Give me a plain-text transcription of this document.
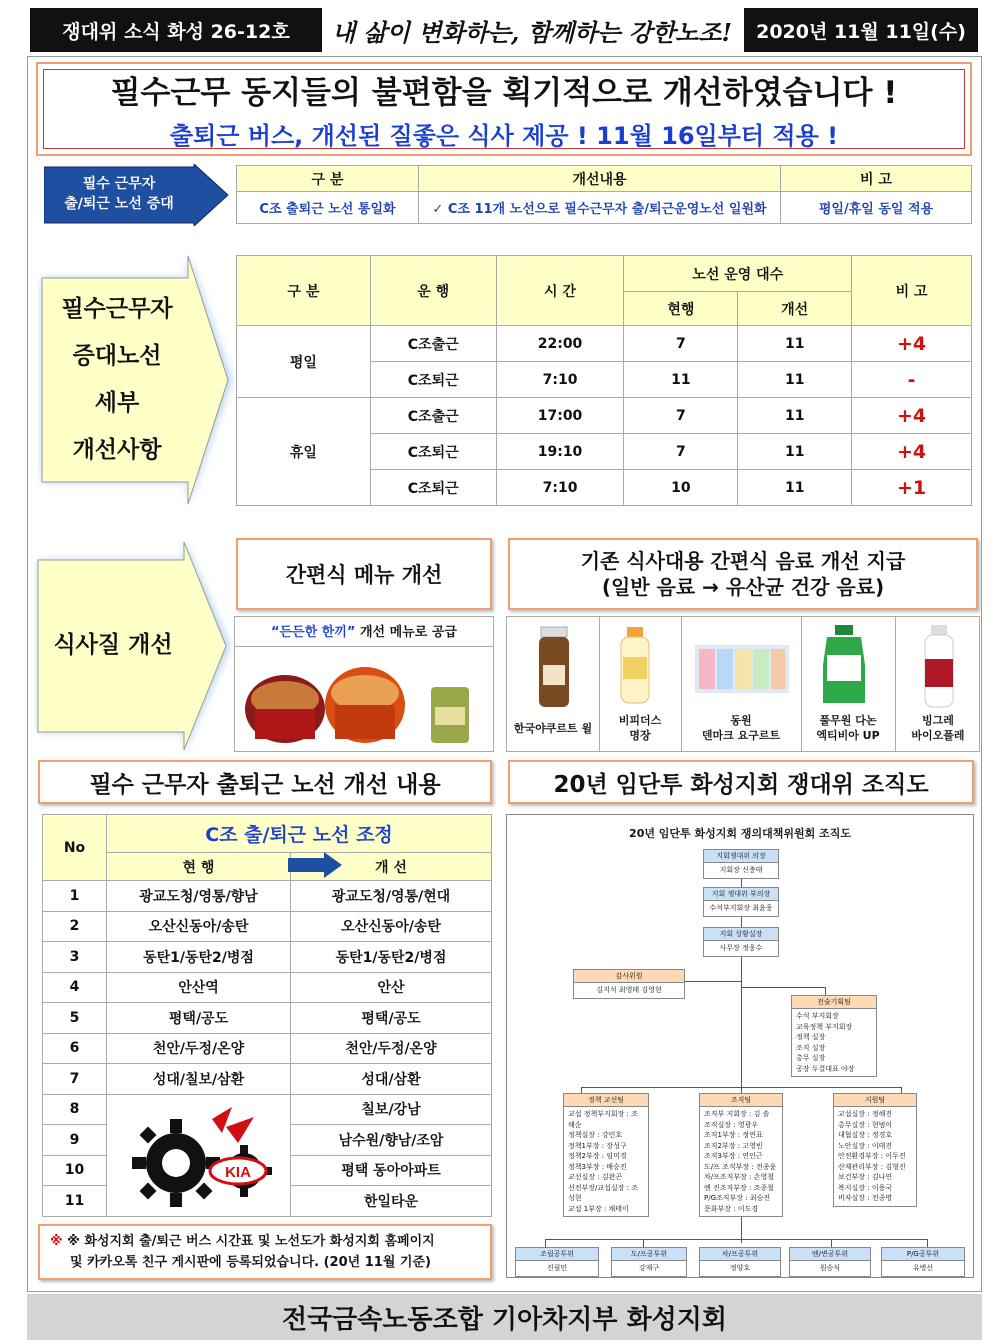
쟁대위 소식 화성 26-12호	내 삶이 변화하는, 함께하는 강한노조!	2020년 11월 11일(수)
필수근무 동지들의 불편함을 획기적으로 개선하였습니다 !
출퇴근 버스, 개선된 질좋은 식사 제공 ! 11월 16일부터 적용 !
필수 근무자
출/퇴근 노선 증대
구 분	개선내용	비 고
C조 출퇴근 노선 통일화	✓ C조 11개 노선으로 필수근무자 출/퇴근운영노선 일원화	평일/휴일 동일 적용
필수근무자
증대노선
세부
개선사항
구 분	운 행	시 간	노선 운영 대수		비 고
			현행	개선	
평일	C조출근	22:00	7	11	+4
	C조퇴근	7:10	11	11	-
휴일	C조출근	17:00	7	11	+4
	C조퇴근	19:10	7	11	+4
	C조퇴근	7:10	10	11	+1
식사질 개선
간편식 메뉴 개선
“든든한 한끼” 개선 메뉴로 공급
기존 식사대용 간편식 음료 개선 지급
(일반 음료 → 유산균 건강 음료)
한국야쿠르트 윌
비피더스
명장
동원
덴마크 요구르트
풀무원 다논
엑티비아 UP
빙그레
바이오플레
필수 근무자 출퇴근 노선 개선 내용	20년 임단투 화성지회 쟁대위 조직도
No	C조 출/퇴근 노선 조정	
	현 행	개 선
1	광교도청/영통/향남	광교도청/영통/현대
2	오산신동아/송탄	오산신동아/송탄
3	동탄1/동탄2/병점	동탄1/동탄2/병점
4	안산역	안산
5	평택/공도	평택/공도
6	천안/두정/온양	천안/두정/온양
7	성대/칠보/삼환	성대/삼환
8	KIA	칠보/강남
9		남수원/향남/조암
10		평택 동아아파트
11		한일타운
※ ※ 화성지회 출/퇴근 버스 시간표 및 노선도가 화성지회 홈페이지
및 카카오톡 친구 게시판에 등록되었습니다. (20년 11월 기준)
20년 임단투 화성지회 쟁의대책위원회 조직도
지회쟁대위 의장
지회장 신충태
지회 쟁대위 부의장
수석부지회장 최윤웅
지회 상황실장
사무장 정웅수
감사위원
김지석 최영태 김영현
전술기획팀
수석 부지회장
교육정책 부지회장
정책 실장
조직 실장
총무 실장
공장 두결대표 야장
정책 교선팀
교섭 정책부지회장 : 조해순
정책실장 : 강민호
정책1부장 : 장성구
정책2부장 : 임미경
정책3부장 : 배승진
교선실장 : 김완곤
선전부장/교섭실장 : 조성현
교섭 1부장 : 채태이
조직팀
조직부 지회장 : 김 솔
조직실장 : 영광우
조직1부장 : 정연표
조직2부장 : 고영빈
조직3부장 : 연인근
도/프 조직부장 : 전종윤
차/프조직부장 : 손영철
엔 진조직부장 : 조종철
P/G조직부장 : 최승진
문화부장 : 이도경
지원팀
교섭실장 : 정해진
총무실장 : 현범이
대협실장 : 정경호
노안실장 : 이태진
안전환경부장 : 이두진
산재관리부장 : 김형진
보건부장 : 김나연
복지실장 : 이용국
비자실장 : 전종명
조립공투위
진필민
도/프공투위
강재구
차/프공투위
정양호
엔/변공투위
원승식
P/G공투위
유병선
전국금속노동조합 기아차지부 화성지회
